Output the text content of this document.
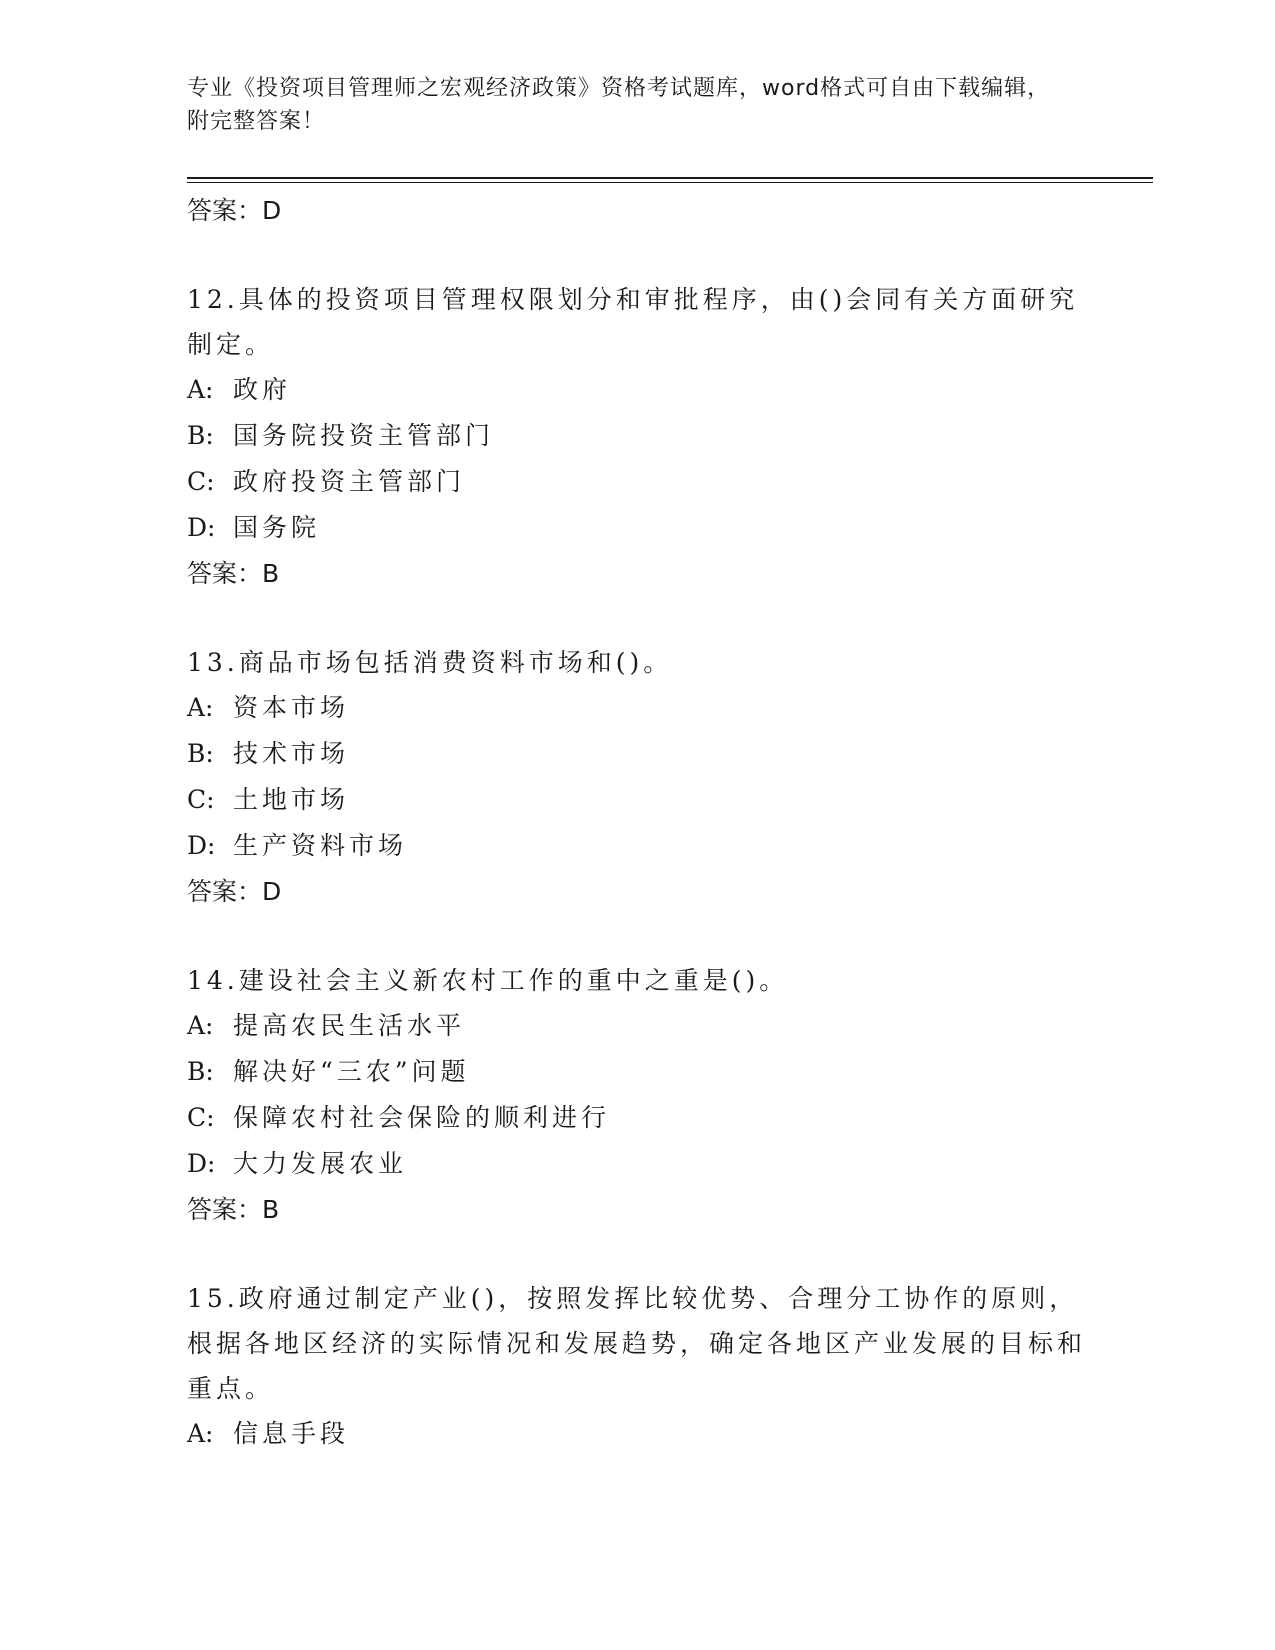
专业《投资项目管理师之宏观经济政策》资格考试题库，word格式可自由下载编辑，附完整答案！
答案：D
12.具体的投资项目管理权限划分和审批程序，由()会同有关方面研究制定。
A: 政府
B: 国务院投资主管部门
C: 政府投资主管部门
D: 国务院
答案：B
13.商品市场包括消费资料市场和()。
A: 资本市场
B: 技术市场
C: 土地市场
D: 生产资料市场
答案：D
14.建设社会主义新农村工作的重中之重是()。
A: 提高农民生活水平
B: 解决好“三农”问题
C: 保障农村社会保险的顺利进行
D: 大力发展农业
答案：B
15.政府通过制定产业()，按照发挥比较优势、合理分工协作的原则，根据各地区经济的实际情况和发展趋势，确定各地区产业发展的目标和重点。
A: 信息手段
